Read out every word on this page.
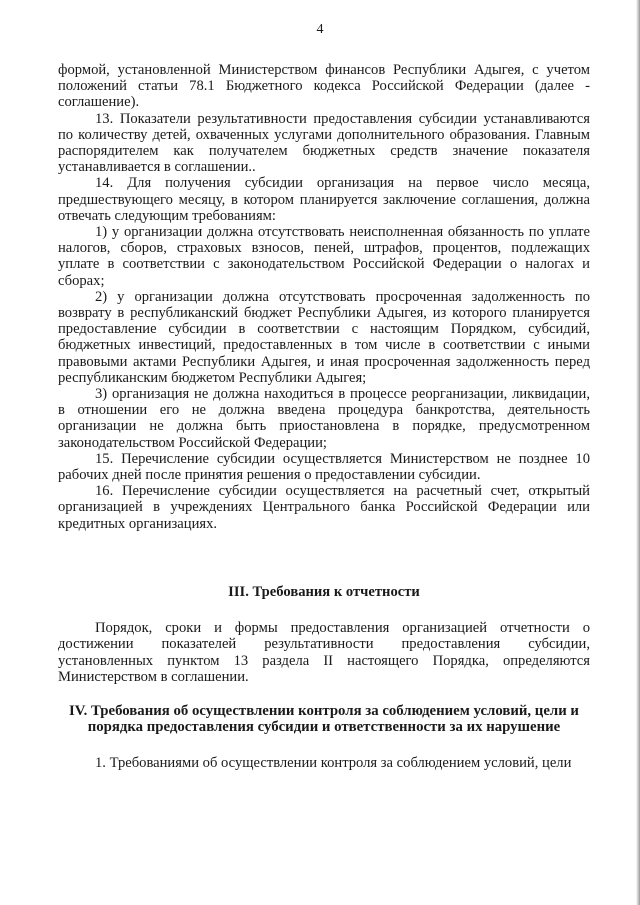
4

формой, установленной Министерством финансов Республики Адыгея, с учетом положений статьи 78.1 Бюджетного кодекса Российской Федерации (далее - соглашение).

13. Показатели результативности предоставления субсидии устанавливаются по количеству детей, охваченных услугами дополнительного образования. Главным распорядителем как получателем бюджетных средств значение показателя устанавливается в соглашении..

14. Для получения субсидии организация на первое число месяца, предшествующего месяцу, в котором планируется заключение соглашения, должна отвечать следующим требованиям:

1) у организации должна отсутствовать неисполненная обязанность по уплате налогов, сборов, страховых взносов, пеней, штрафов, процентов, подлежащих уплате в соответствии с законодательством Российской Федерации о налогах и сборах;

2) у организации должна отсутствовать просроченная задолженность по возврату в республиканский бюджет Республики Адыгея, из которого планируется предоставление субсидии в соответствии с настоящим Порядком, субсидий, бюджетных инвестиций, предоставленных в том числе в соответствии с иными правовыми актами Республики Адыгея, и иная просроченная задолженность перед республиканским бюджетом Республики Адыгея;

3) организация не должна находиться в процессе реорганизации, ликвидации, в отношении его не должна введена процедура банкротства, деятельность организации не должна быть приостановлена в порядке, предусмотренном законодательством Российской Федерации;

15. Перечисление субсидии осуществляется Министерством не позднее 10 рабочих дней после принятия решения о предоставлении субсидии.

16. Перечисление субсидии осуществляется на расчетный счет, открытый организацией в учреждениях Центрального банка Российской Федерации или кредитных организациях.

III. Требования к отчетности

Порядок, сроки и формы предоставления организацией отчетности о достижении показателей результативности предоставления субсидии, установленных пунктом 13 раздела II настоящего Порядка, определяются Министерством в соглашении.

IV. Требования об осуществлении контроля за соблюдением условий, цели и порядка предоставления субсидии и ответственности за их нарушение

1. Требованиями об осуществлении контроля за соблюдением условий, цели
